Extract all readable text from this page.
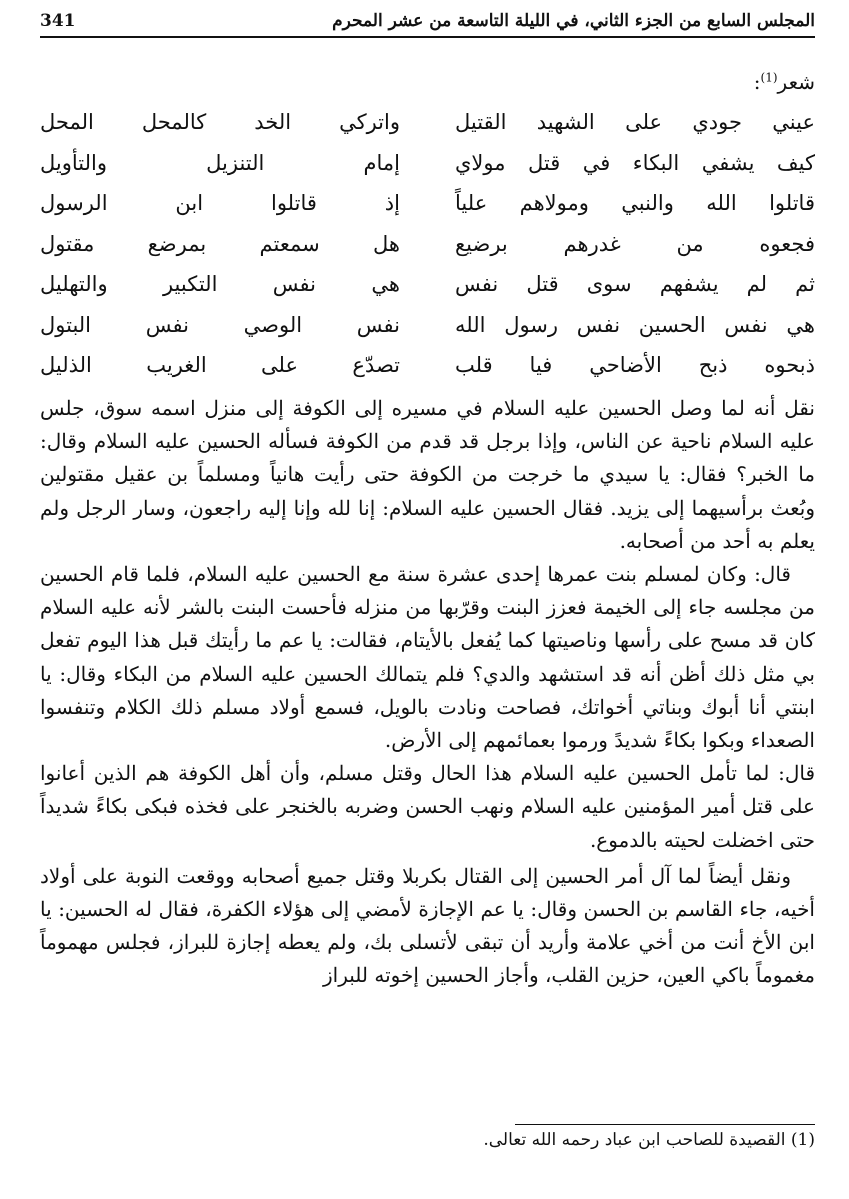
المجلس السابع من الجزء الثاني، في الليلة التاسعة من عشر المحرم
341
شعر$^{(1)}$:
عيني جودي على الشهيد القتيل
واتركي الخد كالمحل المحل
كيف يشفي البكاء في قتل مولاي
إمام التنزيل والتأويل
قاتلوا الله والنبي ومولاهم علياً
إذ قاتلوا ابن الرسول
فجعوه من غدرهم برضيع
هل سمعتم بمرضع مقتول
ثم لم يشفهم سوى قتل نفس
هي نفس التكبير والتهليل
هي نفس الحسين نفس رسول الله
نفس الوصي نفس البتول
ذبحوه ذبح الأضاحي فيا قلب
تصدّع على الغريب الذليل

نقل أنه لما وصل الحسين عليه السلام في مسيره إلى الكوفة إلى منزل اسمه سوق، جلس عليه السلام ناحية عن الناس، وإذا برجل قد قدم من الكوفة فسأله الحسين عليه السلام وقال: ما الخبر؟ فقال: يا سيدي ما خرجت من الكوفة حتى رأيت هانياً ومسلماً بن عقيل مقتولين وبُعث برأسيهما إلى يزيد. فقال الحسين عليه السلام: إنا لله وإنا إليه راجعون، وسار الرجل ولم يعلم به أحد من أصحابه.

قال: وكان لمسلم بنت عمرها إحدى عشرة سنة مع الحسين عليه السلام، فلما قام الحسين من مجلسه جاء إلى الخيمة فعزز البنت وقرّبها من منزله فأحست البنت بالشر لأنه عليه السلام كان قد مسح على رأسها وناصيتها كما يُفعل بالأيتام، فقالت: يا عم ما رأيتك قبل هذا اليوم تفعل بي مثل ذلك أظن أنه قد استشهد والدي؟ فلم يتمالك الحسين عليه السلام من البكاء وقال: يا ابنتي أنا أبوك وبناتي أخواتك، فصاحت ونادت بالويل، فسمع أولاد مسلم ذلك الكلام وتنفسوا الصعداء وبكوا بكاءً شديدً ورموا بعمائمهم إلى الأرض.

قال: لما تأمل الحسين عليه السلام هذا الحال وقتل مسلم، وأن أهل الكوفة هم الذين أعانوا على قتل أمير المؤمنين عليه السلام ونهب الحسن وضربه بالخنجر على فخذه فبكى بكاءً شديداً حتى اخضلت لحيته بالدموع.

ونقل أيضاً لما آل أمر الحسين إلى القتال بكربلا وقتل جميع أصحابه ووقعت النوبة على أولاد أخيه، جاء القاسم بن الحسن وقال: يا عم الإجازة لأمضي إلى هؤلاء الكفرة، فقال له الحسين: يا ابن الأخ أنت من أخي علامة وأريد أن تبقى لأتسلى بك، ولم يعطه إجازة للبراز، فجلس مهموماً مغموماً باكي العين، حزين القلب، وأجاز الحسين إخوته للبراز

(1) القصيدة للصاحب ابن عباد رحمه الله تعالى.
